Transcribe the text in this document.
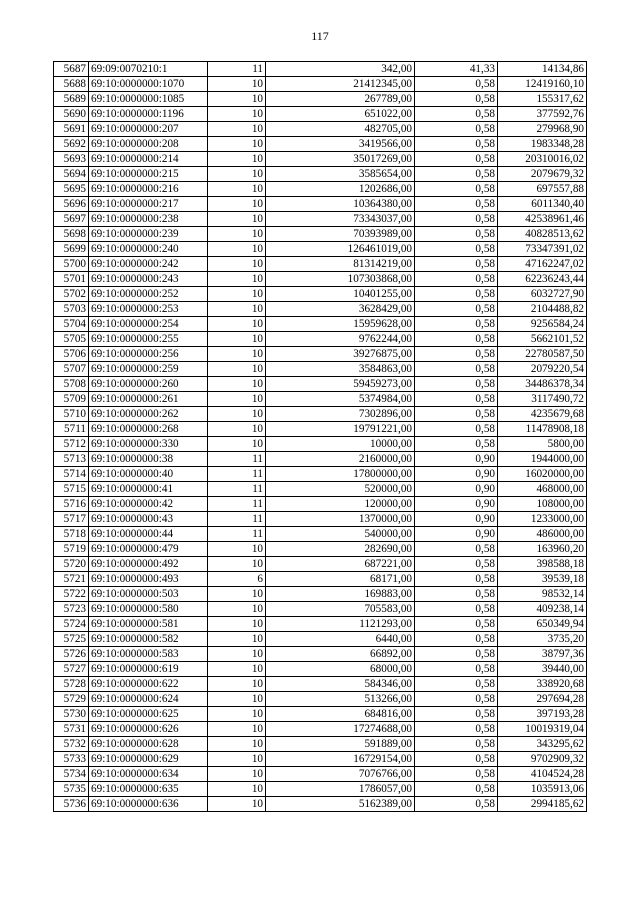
117
5687	69:09:0070210:1	11	342,00	41,33	14134,86
5688	69:10:0000000:1070	10	21412345,00	0,58	12419160,10
5689	69:10:0000000:1085	10	267789,00	0,58	155317,62
5690	69:10:0000000:1196	10	651022,00	0,58	377592,76
5691	69:10:0000000:207	10	482705,00	0,58	279968,90
5692	69:10:0000000:208	10	3419566,00	0,58	1983348,28
5693	69:10:0000000:214	10	35017269,00	0,58	20310016,02
5694	69:10:0000000:215	10	3585654,00	0,58	2079679,32
5695	69:10:0000000:216	10	1202686,00	0,58	697557,88
5696	69:10:0000000:217	10	10364380,00	0,58	6011340,40
5697	69:10:0000000:238	10	73343037,00	0,58	42538961,46
5698	69:10:0000000:239	10	70393989,00	0,58	40828513,62
5699	69:10:0000000:240	10	126461019,00	0,58	73347391,02
5700	69:10:0000000:242	10	81314219,00	0,58	47162247,02
5701	69:10:0000000:243	10	107303868,00	0,58	62236243,44
5702	69:10:0000000:252	10	10401255,00	0,58	6032727,90
5703	69:10:0000000:253	10	3628429,00	0,58	2104488,82
5704	69:10:0000000:254	10	15959628,00	0,58	9256584,24
5705	69:10:0000000:255	10	9762244,00	0,58	5662101,52
5706	69:10:0000000:256	10	39276875,00	0,58	22780587,50
5707	69:10:0000000:259	10	3584863,00	0,58	2079220,54
5708	69:10:0000000:260	10	59459273,00	0,58	34486378,34
5709	69:10:0000000:261	10	5374984,00	0,58	3117490,72
5710	69:10:0000000:262	10	7302896,00	0,58	4235679,68
5711	69:10:0000000:268	10	19791221,00	0,58	11478908,18
5712	69:10:0000000:330	10	10000,00	0,58	5800,00
5713	69:10:0000000:38	11	2160000,00	0,90	1944000,00
5714	69:10:0000000:40	11	17800000,00	0,90	16020000,00
5715	69:10:0000000:41	11	520000,00	0,90	468000,00
5716	69:10:0000000:42	11	120000,00	0,90	108000,00
5717	69:10:0000000:43	11	1370000,00	0,90	1233000,00
5718	69:10:0000000:44	11	540000,00	0,90	486000,00
5719	69:10:0000000:479	10	282690,00	0,58	163960,20
5720	69:10:0000000:492	10	687221,00	0,58	398588,18
5721	69:10:0000000:493	6	68171,00	0,58	39539,18
5722	69:10:0000000:503	10	169883,00	0,58	98532,14
5723	69:10:0000000:580	10	705583,00	0,58	409238,14
5724	69:10:0000000:581	10	1121293,00	0,58	650349,94
5725	69:10:0000000:582	10	6440,00	0,58	3735,20
5726	69:10:0000000:583	10	66892,00	0,58	38797,36
5727	69:10:0000000:619	10	68000,00	0,58	39440,00
5728	69:10:0000000:622	10	584346,00	0,58	338920,68
5729	69:10:0000000:624	10	513266,00	0,58	297694,28
5730	69:10:0000000:625	10	684816,00	0,58	397193,28
5731	69:10:0000000:626	10	17274688,00	0,58	10019319,04
5732	69:10:0000000:628	10	591889,00	0,58	343295,62
5733	69:10:0000000:629	10	16729154,00	0,58	9702909,32
5734	69:10:0000000:634	10	7076766,00	0,58	4104524,28
5735	69:10:0000000:635	10	1786057,00	0,58	1035913,06
5736	69:10:0000000:636	10	5162389,00	0,58	2994185,62
